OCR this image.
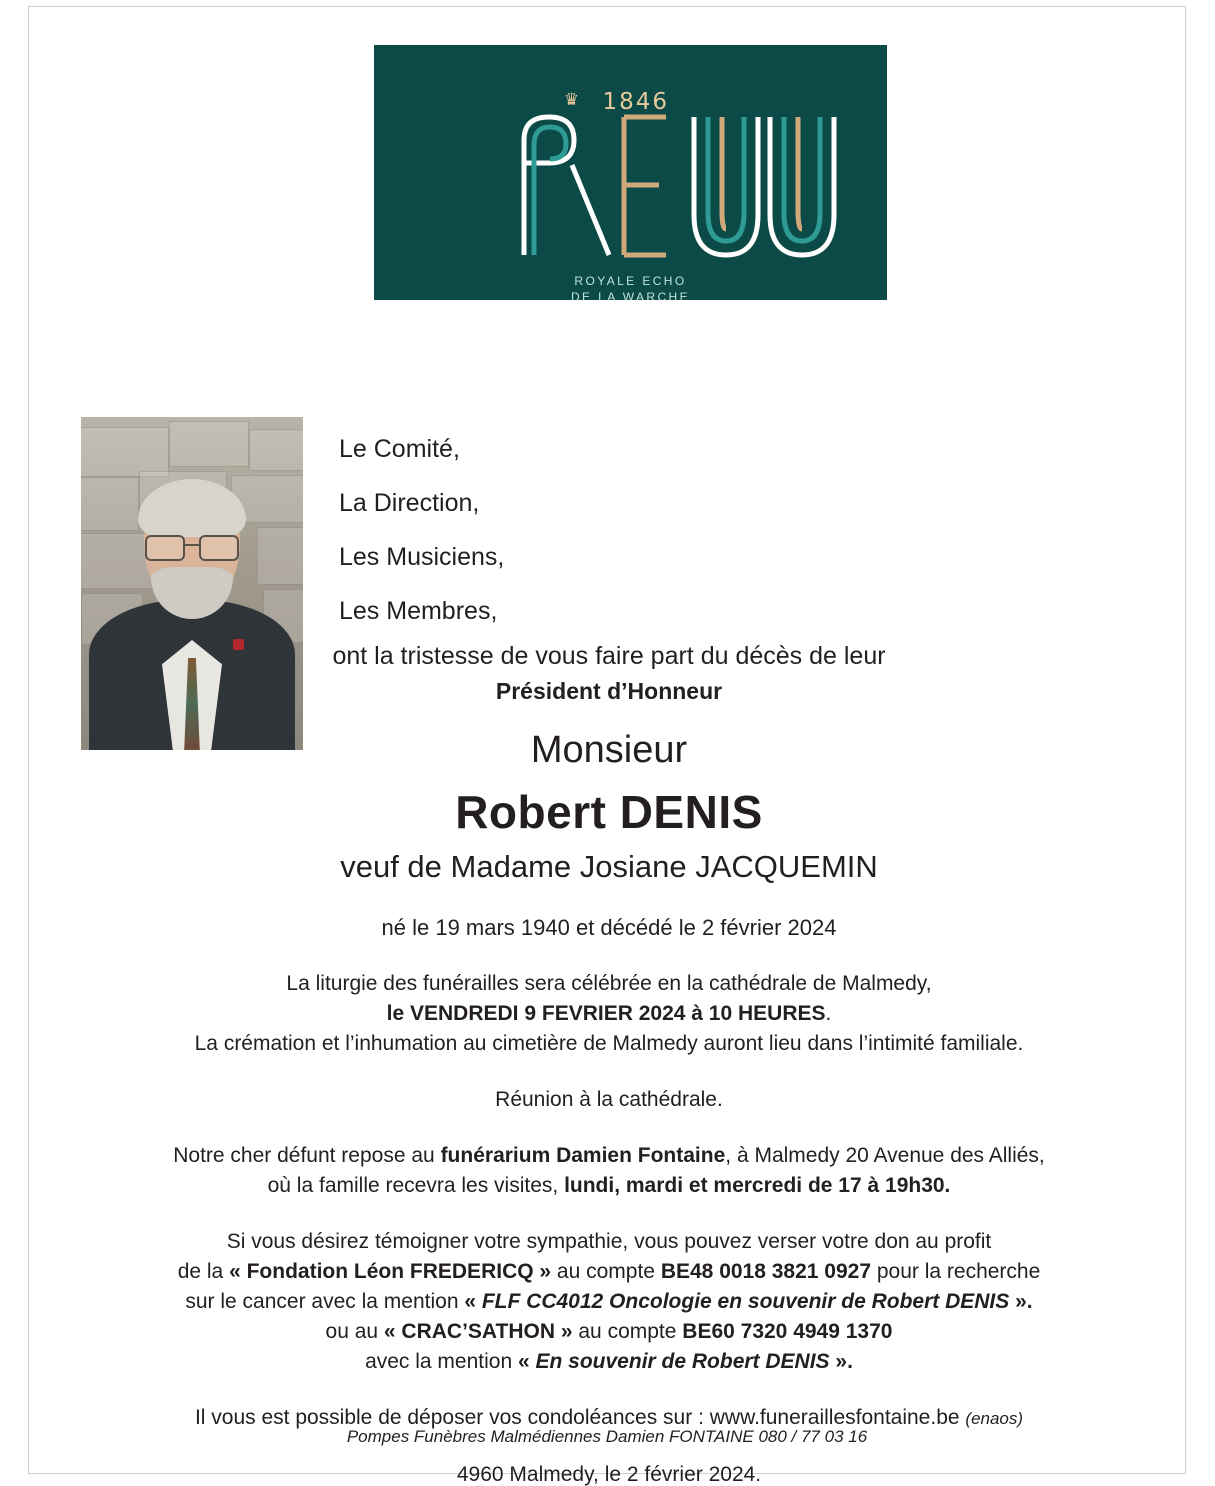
♛	1846
ROYALE ECHO
DE LA WARCHE
Le Comité,
La Direction,
Les Musiciens,
Les Membres,
ont la tristesse de vous faire part du décès de leur
Président d’Honneur
Monsieur
Robert DENIS
veuf de Madame Josiane JACQUEMIN
né le 19 mars 1940 et décédé le 2 février 2024
La liturgie des funérailles sera célébrée en la cathédrale de Malmedy,
le VENDREDI 9 FEVRIER 2024 à 10 HEURES.
La crémation et l’inhumation au cimetière de Malmedy auront lieu dans l’intimité familiale.
Réunion à la cathédrale.
Notre cher défunt repose au funérarium Damien Fontaine, à Malmedy 20 Avenue des Alliés,
où la famille recevra les visites, lundi, mardi et mercredi de 17 à 19h30.
Si vous désirez témoigner votre sympathie, vous pouvez verser votre don au profit
de la « Fondation Léon FREDERICQ » au compte BE48 0018 3821 0927 pour la recherche
sur le cancer avec la mention « FLF CC4012 Oncologie en souvenir de Robert DENIS ».
ou au « CRAC’SATHON » au compte BE60 7320 4949 1370
avec la mention « En souvenir de Robert DENIS ».
Il vous est possible de déposer vos condoléances sur : www.funeraillesfontaine.be (enaos)
4960 Malmedy, le 2 février 2024.
Pompes Funèbres Malmédiennes Damien FONTAINE 080 / 77 03 16
